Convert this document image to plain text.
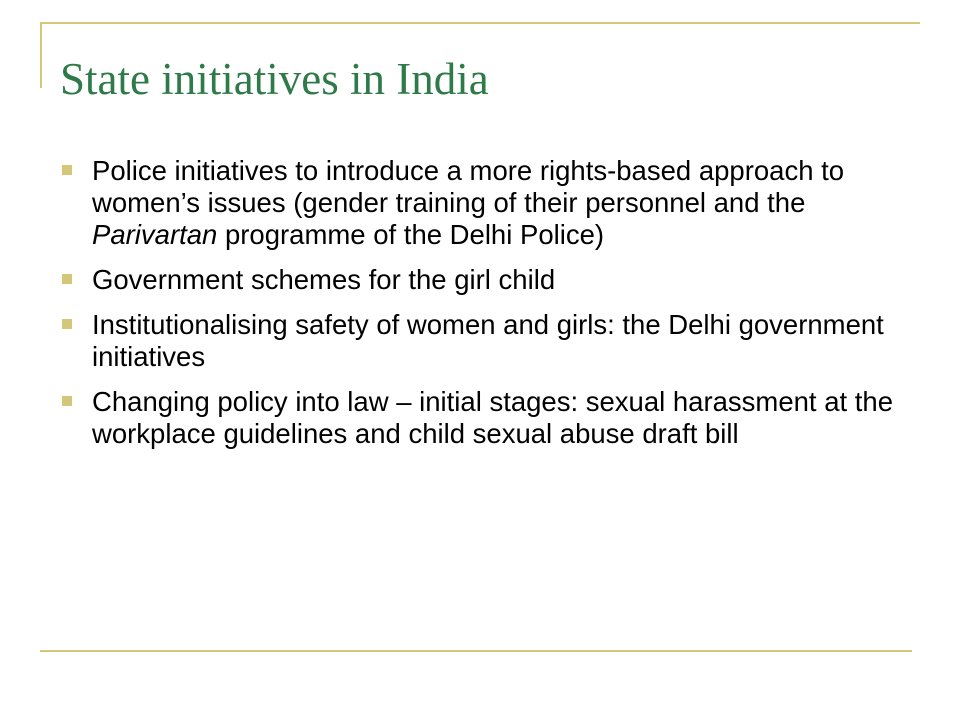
State initiatives in India
Police initiatives to introduce a more rights-based approach to women’s issues (gender training of their personnel and the Parivartan programme of the Delhi Police)
Government schemes for the girl child
Institutionalising safety of women and girls: the Delhi government initiatives
Changing policy into law – initial stages: sexual harassment at the workplace guidelines and child sexual abuse draft bill
